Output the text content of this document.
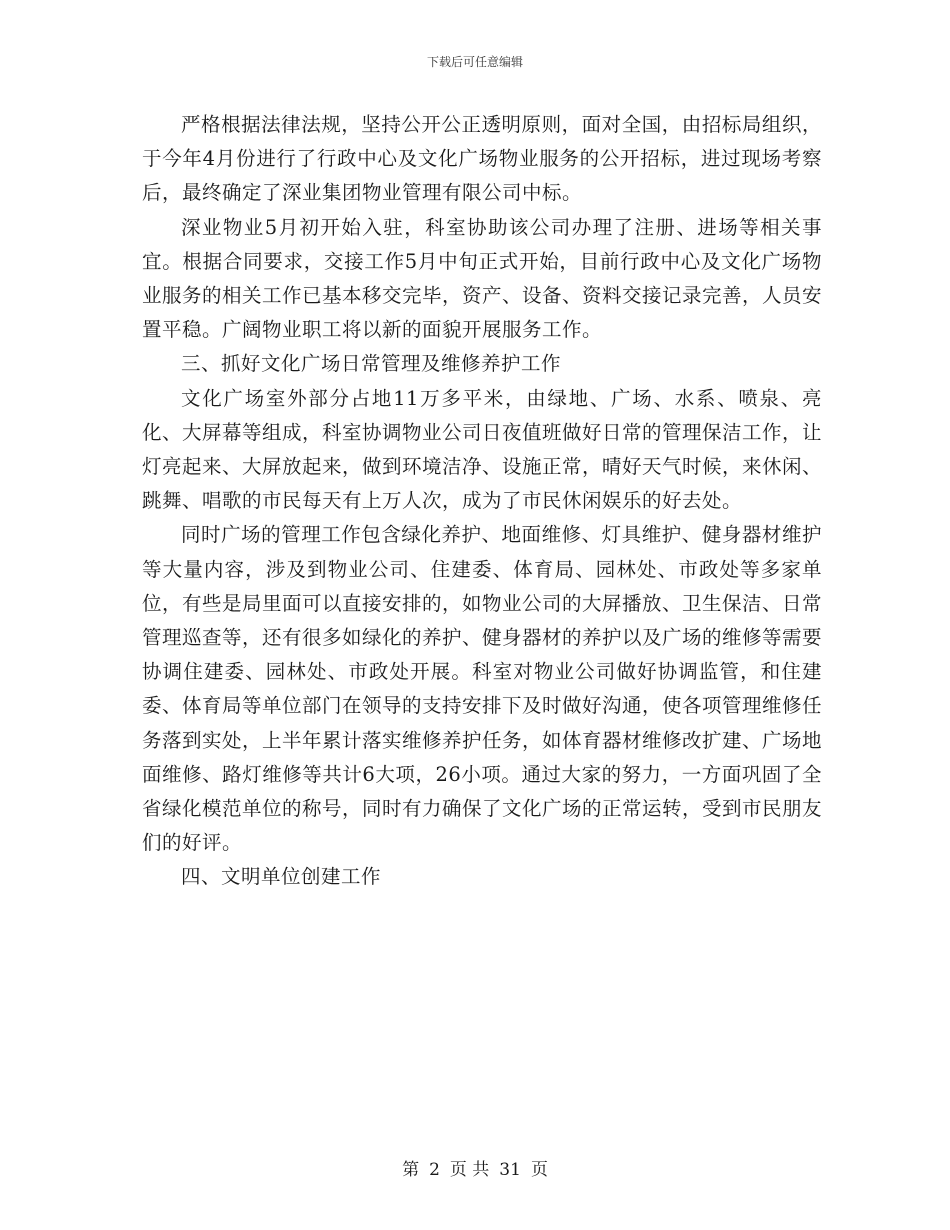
下载后可任意编辑

严格根据法律法规，坚持公开公正透明原则，面对全国，由招标局组织，于今年4月份进行了行政中心及文化广场物业服务的公开招标，进过现场考察后，最终确定了深业集团物业管理有限公司中标。

深业物业5月初开始入驻，科室协助该公司办理了注册、进场等相关事宜。根据合同要求，交接工作5月中旬正式开始，目前行政中心及文化广场物业服务的相关工作已基本移交完毕，资产、设备、资料交接记录完善，人员安置平稳。广阔物业职工将以新的面貌开展服务工作。

三、抓好文化广场日常管理及维修养护工作

文化广场室外部分占地11万多平米，由绿地、广场、水系、喷泉、亮化、大屏幕等组成，科室协调物业公司日夜值班做好日常的管理保洁工作，让灯亮起来、大屏放起来，做到环境洁净、设施正常，晴好天气时候，来休闲、跳舞、唱歌的市民每天有上万人次，成为了市民休闲娱乐的好去处。

同时广场的管理工作包含绿化养护、地面维修、灯具维护、健身器材维护等大量内容，涉及到物业公司、住建委、体育局、园林处、市政处等多家单位，有些是局里面可以直接安排的，如物业公司的大屏播放、卫生保洁、日常管理巡查等，还有很多如绿化的养护、健身器材的养护以及广场的维修等需要协调住建委、园林处、市政处开展。科室对物业公司做好协调监管，和住建委、体育局等单位部门在领导的支持安排下及时做好沟通，使各项管理维修任务落到实处，上半年累计落实维修养护任务，如体育器材维修改扩建、广场地面维修、路灯维修等共计6大项，26小项。通过大家的努力，一方面巩固了全省绿化模范单位的称号，同时有力确保了文化广场的正常运转，受到市民朋友们的好评。

四、文明单位创建工作

第 2 页 共 31 页
